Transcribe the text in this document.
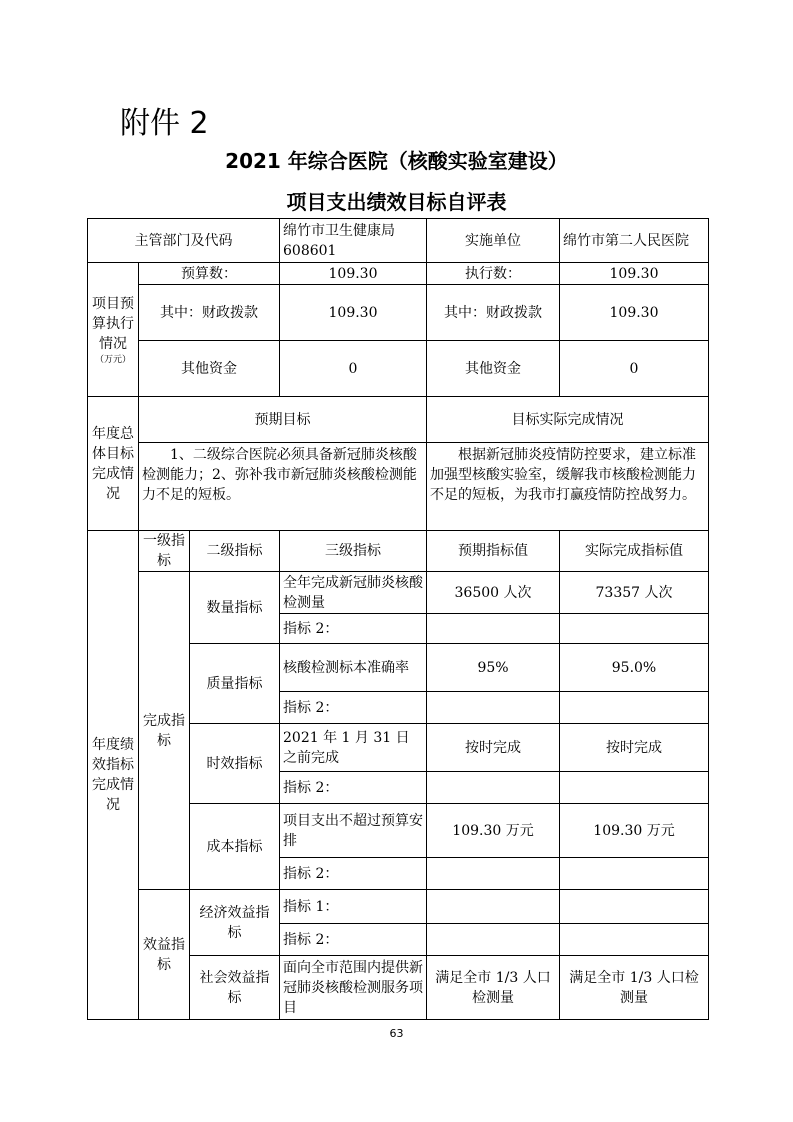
附件 2
2021 年综合医院（核酸实验室建设）
项目支出绩效目标自评表
主管部门及代码			绵竹市卫生健康局 608601	实施单位	绵竹市第二人民医院
项目预算执行情况
（万元）	预算数：		109.30	执行数：	109.30
	其中：财政拨款		109.30	其中：财政拨款	109.30
	其他资金		0	其他资金	0
年度总体目标完成情况	预期目标			目标实际完成情况	
	1、二级综合医院必须具备新冠肺炎核酸检测能力；2、弥补我市新冠肺炎核酸检测能力不足的短板。			根据新冠肺炎疫情防控要求，建立标准加强型核酸实验室，缓解我市核酸检测能力不足的短板，为我市打赢疫情防控战努力。	
年度绩效指标完成情况	一级指标	二级指标	三级指标	预期指标值	实际完成指标值
	完成指标	数量指标	全年完成新冠肺炎核酸检测量	36500 人次	73357 人次
			指标 2：		
		质量指标	核酸检测标本准确率	95%	95.0%
			指标 2：		
		时效指标	2021 年 1 月 31 日之前完成	按时完成	按时完成
			指标 2：		
		成本指标	项目支出不超过预算安排	109.30 万元	109.30 万元
			指标 2：		
	效益指标	经济效益指标	指标 1：		
			指标 2：		
		社会效益指标	面向全市范围内提供新冠肺炎核酸检测服务项目	满足全市 1/3 人口检测量	满足全市 1/3 人口检测量
63
